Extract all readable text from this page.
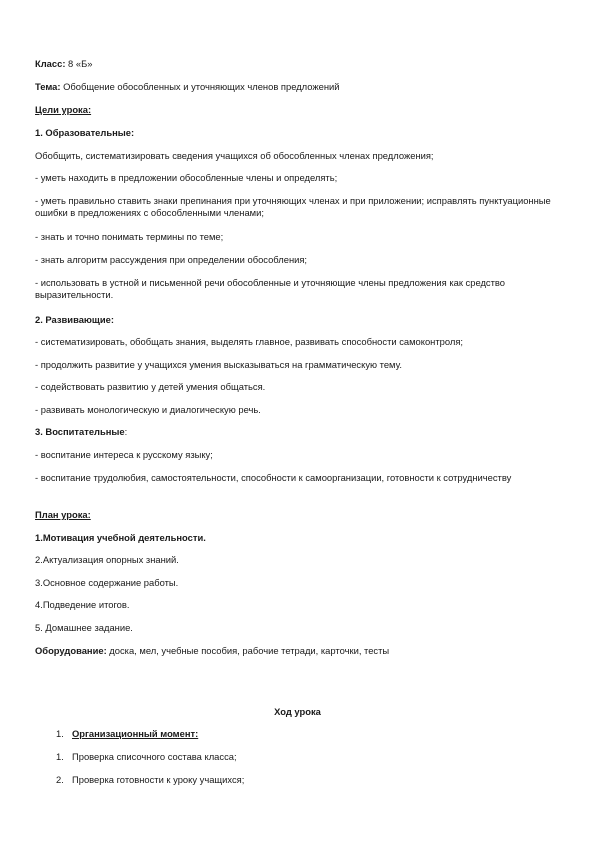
Класс: 8 «Б»

Тема: Обобщение обособленных и уточняющих членов предложений

Цели урока:

1. Образовательные:

Обобщить, систематизировать сведения учащихся об обособленных членах предложения;

- уметь находить в предложении обособленные члены и определять;

- уметь правильно ставить знаки препинания при уточняющих членах и при приложении; исправлять пунктуационные ошибки в предложениях с обособленными членами;

- знать и точно понимать термины по теме;

- знать алгоритм рассуждения при определении обособления;

- использовать в устной и письменной речи обособленные и уточняющие члены предложения как средство выразительности.

2. Развивающие:

- систематизировать, обобщать знания, выделять главное, развивать способности самоконтроля;

- продолжить развитие у учащихся умения высказываться на грамматическую тему.

- содействовать развитию у детей умения общаться.

- развивать монологическую и диалогическую речь.

3. Воспитательные:

- воспитание интереса к русскому языку;

- воспитание трудолюбия, самостоятельности, способности к самоорганизации, готовности к сотрудничеству

План урока:

1.Мотивация учебной деятельности.

2.Актуализация опорных знаний.

3.Основное содержание работы.

4.Подведение итогов.

5. Домашнее задание.

Оборудование: доска, мел, учебные пособия, рабочие тетради, карточки, тесты

Ход урока

1. Организационный момент:
1. Проверка списочного состава класса;
2. Проверка готовности к уроку учащихся;
